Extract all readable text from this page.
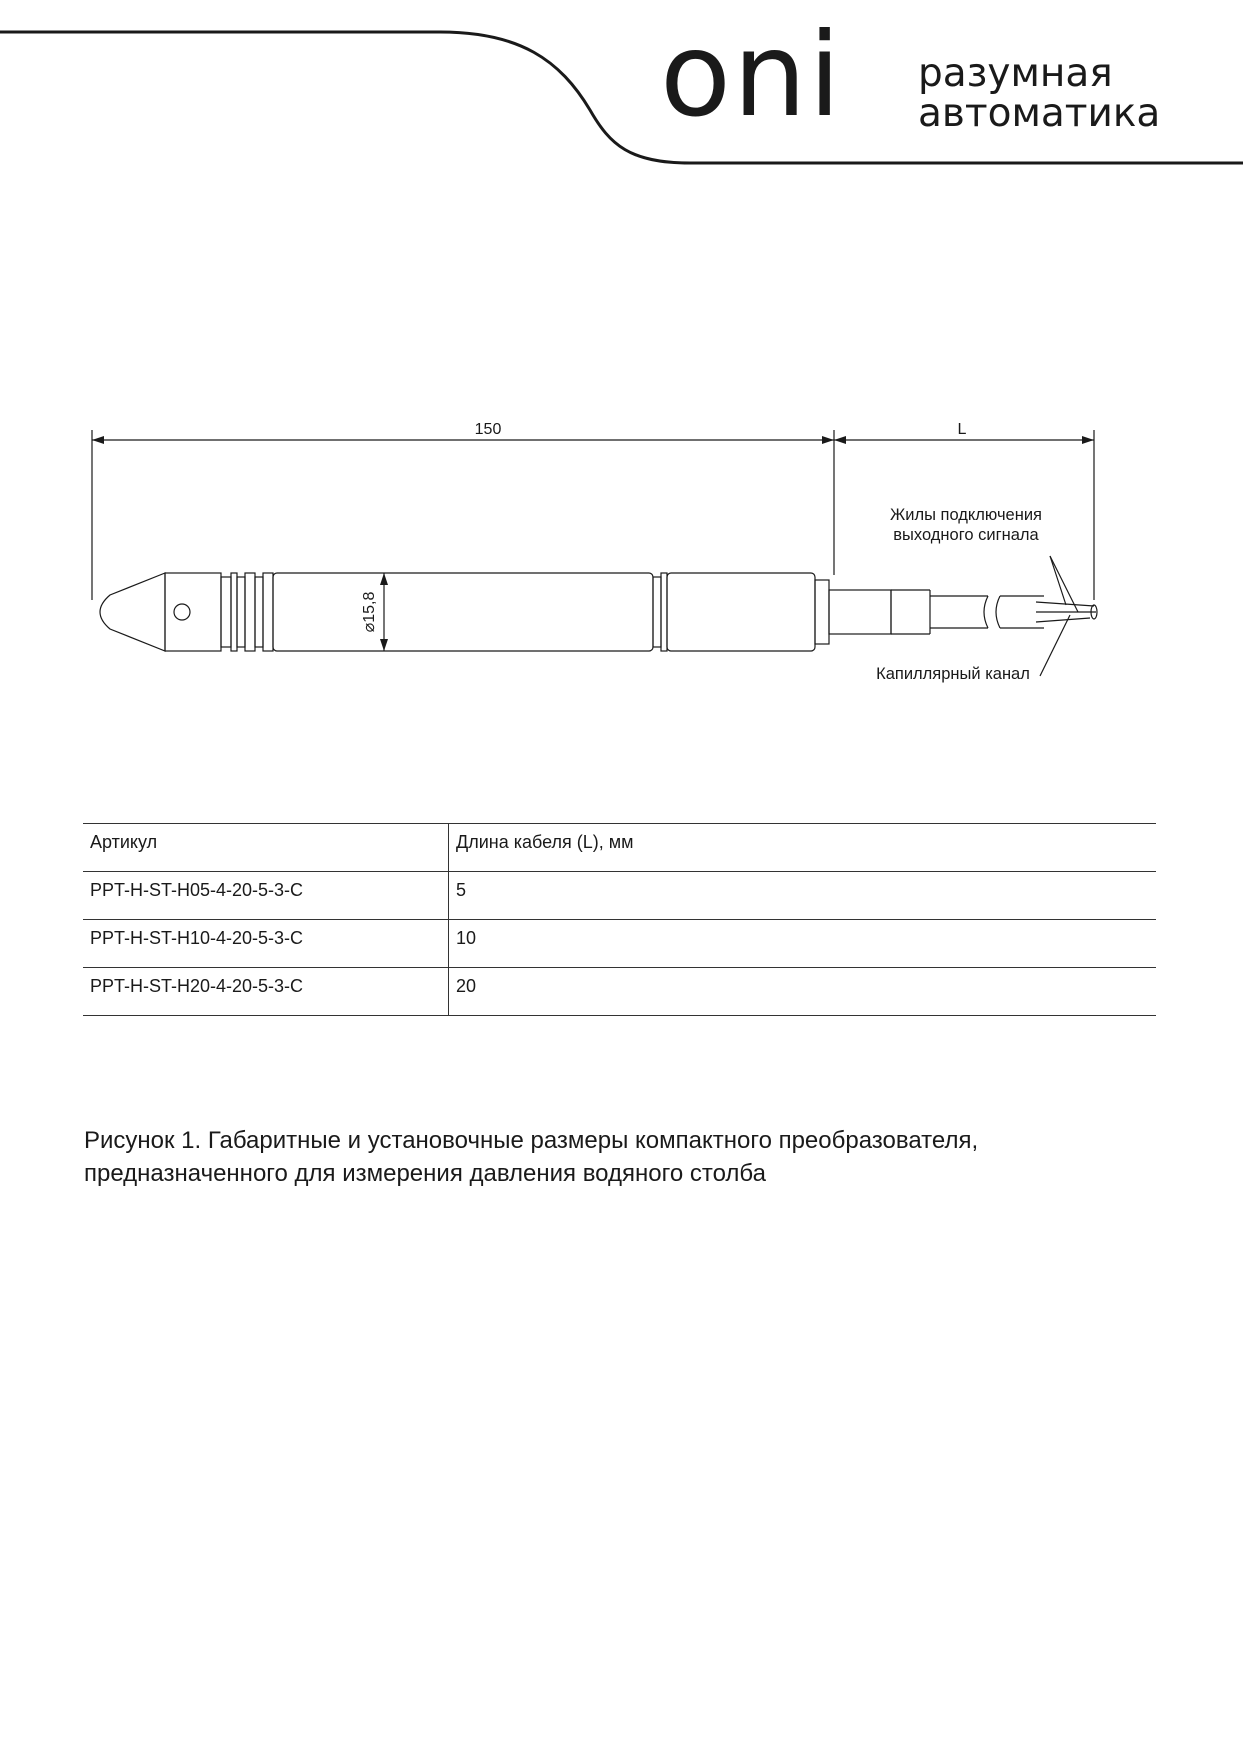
oni разумная
автоматика
150	L
⌀15,8
Жилы подключения
выходного сигнала
Капиллярный канал
Артикул	Длина кабеля (L), мм
PPT-H-ST-H05-4-20-5-3-C	5
PPT-H-ST-H10-4-20-5-3-C	10
PPT-H-ST-H20-4-20-5-3-C	20
Рисунок 1. Габаритные и установочные размеры компактного преобразователя,
предназначенного для измерения давления водяного столба
